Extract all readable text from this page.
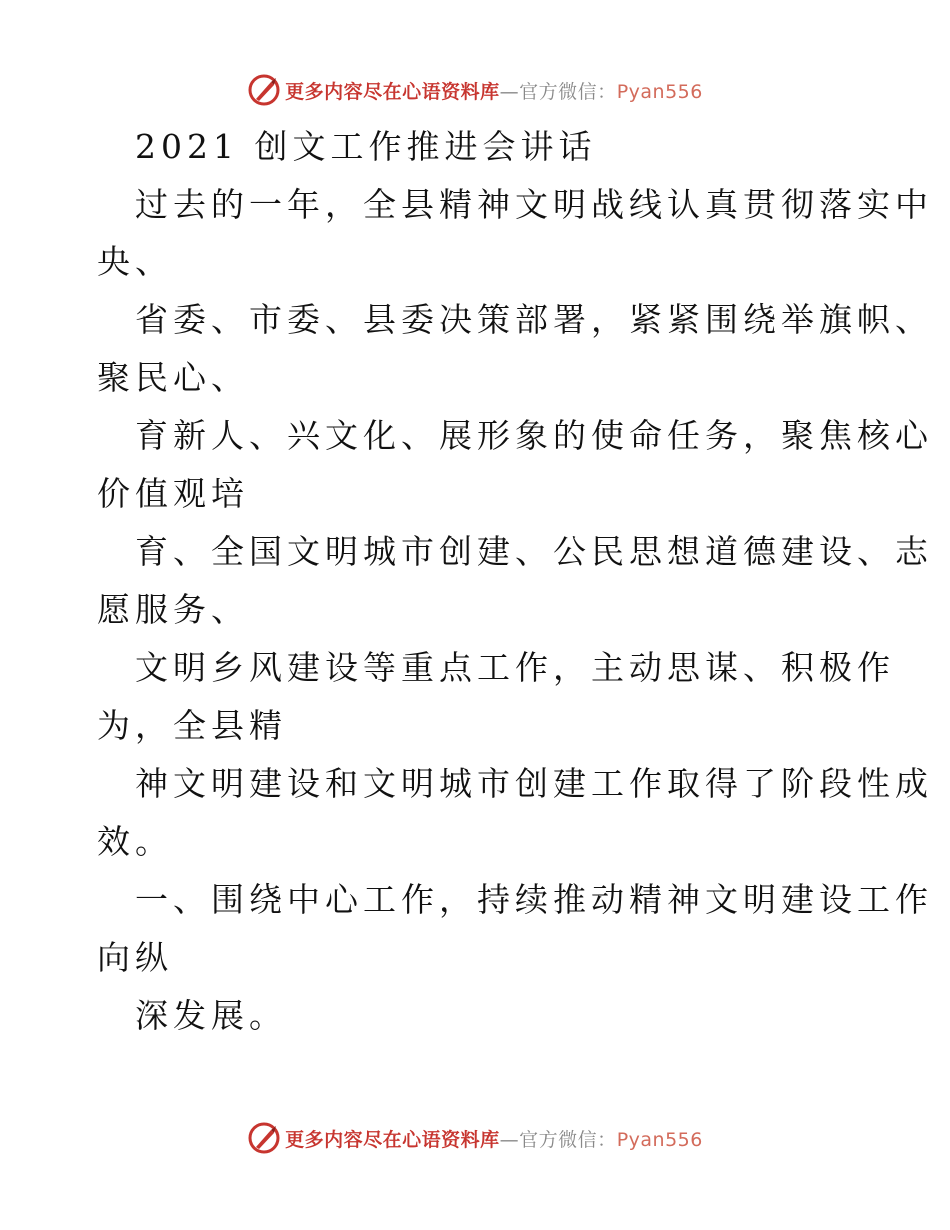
更多内容尽在心语资料库—官方微信：Pyan556
2021 创文工作推进会讲话
过去的一年，全县精神文明战线认真贯彻落实中
央、
省委、市委、县委决策部署，紧紧围绕举旗帜、
聚民心、
育新人、兴文化、展形象的使命任务，聚焦核心
价值观培
育、全国文明城市创建、公民思想道德建设、志
愿服务、
文明乡风建设等重点工作，主动思谋、积极作
为，全县精
神文明建设和文明城市创建工作取得了阶段性成
效。
一、围绕中心工作，持续推动精神文明建设工作
向纵
深发展。
更多内容尽在心语资料库—官方微信：Pyan556
